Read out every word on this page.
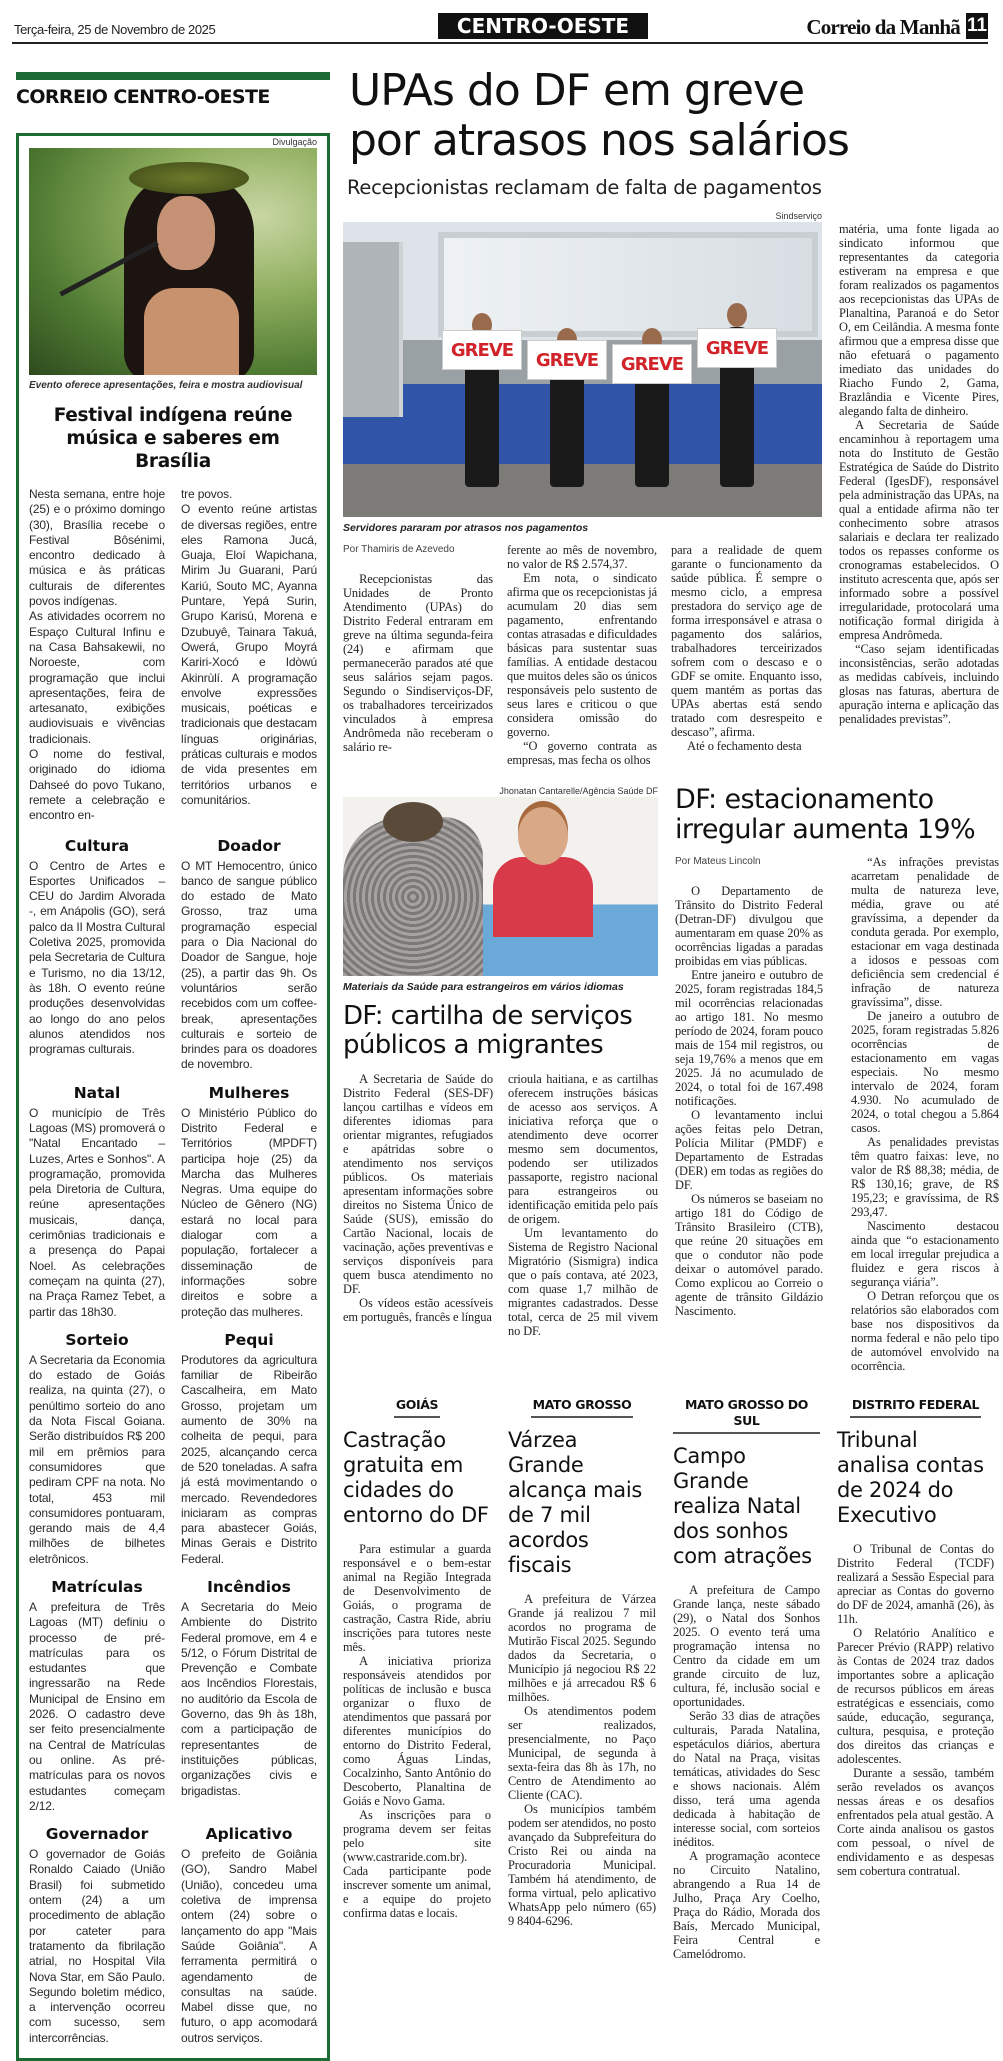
Terça-feira, 25 de Novembro de 2025	CENTRO-OESTE	Correio da Manhã 11
CORREIO CENTRO-OESTE
Divulgação
Evento oferece apresentações, feira e mostra audiovisual
Festival indígena reúne música e saberes em Brasília

Nesta semana, entre hoje (25) e o próximo domingo (30), Brasília recebe o Festival Bôsénimi, encontro dedicado à música e às práticas culturais de diferentes povos indígenas.

As atividades ocorrem no Espaço Cultural Infinu e na Casa Bahsakewii, no Noroeste, com programação que inclui apresentações, feira de artesanato, exibições audiovisuais e vivências tradicionais.

O nome do festival, originado do idioma Dahseé do povo Tukano, remete a celebração e encontro en-

tre povos.

O evento reúne artistas de diversas regiões, entre eles Ramona Jucá, Guaja, Eloí Wapichana, Mirim Ju Guarani, Parú Kariú, Souto MC, Ayanna Puntare, Yepá Surin, Grupo Karisú, Morena e Dzubuyê, Tainara Takuá, Owerá, Grupo Moyrá Kariri-Xocó e Idòwú Akinrùlí. A programação envolve expressões musicais, poéticas e tradicionais que destacam línguas originárias, práticas culturais e modos de vida presentes em territórios urbanos e comunitários.

Cultura

O Centro de Artes e Esportes Unificados – CEU do Jardim Alvorada -, em Anápolis (GO), será palco da II Mostra Cultural Coletiva 2025, promovida pela Secretaria de Cultura e Turismo, no dia 13/12, às 18h. O evento reúne produções desenvolvidas ao longo do ano pelos alunos atendidos nos programas culturais.

Doador

O MT Hemocentro, único banco de sangue público do estado de Mato Grosso, traz uma programação especial para o Dia Nacional do Doador de Sangue, hoje (25), a partir das 9h. Os voluntários serão recebidos com um coffee-break, apresentações culturais e sorteio de brindes para os doadores de novembro.

Natal

O município de Três Lagoas (MS) promoverá o "Natal Encantado – Luzes, Artes e Sonhos". A programação, promovida pela Diretoria de Cultura, reúne apresentações musicais, dança, cerimônias tradicionais e a presença do Papai Noel. As celebrações começam na quinta (27), na Praça Ramez Tebet, a partir das 18h30.

Mulheres

O Ministério Público do Distrito Federal e Territórios (MPDFT) participa hoje (25) da Marcha das Mulheres Negras. Uma equipe do Núcleo de Gênero (NG) estará no local para dialogar com a população, fortalecer a disseminação de informações sobre direitos e sobre a proteção das mulheres.

Sorteio

A Secretaria da Economia do estado de Goiás realiza, na quinta (27), o penúltimo sorteio do ano da Nota Fiscal Goiana. Serão distribuídos R$ 200 mil em prêmios para consumidores que pediram CPF na nota. No total, 453 mil consumidores pontuaram, gerando mais de 4,4 milhões de bilhetes eletrônicos.

Pequi

Produtores da agricultura familiar de Ribeirão Cascalheira, em Mato Grosso, projetam um aumento de 30% na colheita de pequi, para 2025, alcançando cerca de 520 toneladas. A safra já está movimentando o mercado. Revendedores iniciaram as compras para abastecer Goiás, Minas Gerais e Distrito Federal.

Matrículas

A prefeitura de Três Lagoas (MT) definiu o processo de pré-matrículas para os estudantes que ingressarão na Rede Municipal de Ensino em 2026. O cadastro deve ser feito presencialmente na Central de Matrículas ou online. As pré-matrículas para os novos estudantes começam 2/12.

Incêndios

A Secretaria do Meio Ambiente do Distrito Federal promove, em 4 e 5/12, o Fórum Distrital de Prevenção e Combate aos Incêndios Florestais, no auditório da Escola de Governo, das 9h às 18h, com a participação de representantes de instituições públicas, organizações civis e brigadistas.

Governador

O governador de Goiás Ronaldo Caiado (União Brasil) foi submetido ontem (24) a um procedimento de ablação por cateter para tratamento da fibrilação atrial, no Hospital Vila Nova Star, em São Paulo. Segundo boletim médico, a intervenção ocorreu com sucesso, sem intercorrências.

Aplicativo

O prefeito de Goiânia (GO), Sandro Mabel (União), concedeu uma coletiva de imprensa ontem (24) sobre o lançamento do app "Mais Saúde Goiânia". A ferramenta permitirá o agendamento de consultas na saúde. Mabel disse que, no futuro, o app acomodará outros serviços.

UPAs do DF em greve
por atrasos nos salários
Recepcionistas reclamam de falta de pagamentos
Sindserviço
GREVE	GREVE	GREVE
GREVE
Servidores pararam por atrasos nos pagamentos
Por Thamiris de Azevedo

Recepcionistas das Unidades de Pronto Atendimento (UPAs) do Distrito Federal entraram em greve na última segunda-feira (24) e afirmam que permanecerão parados até que seus salários sejam pagos. Segundo o Sindiserviços-DF, os trabalhadores terceirizados vinculados à empresa Andrômeda não receberam o salário re-

ferente ao mês de novembro, no valor de R$ 2.574,37.

Em nota, o sindicato afirma que os recepcionistas já acumulam 20 dias sem pagamento, enfrentando contas atrasadas e dificuldades básicas para sustentar suas famílias. A entidade destacou que muitos deles são os únicos responsáveis pelo sustento de seus lares e criticou o que considera omissão do governo.

“O governo contrata as empresas, mas fecha os olhos

para a realidade de quem garante o funcionamento da saúde pública. É sempre o mesmo ciclo, a empresa prestadora do serviço age de forma irresponsável e atrasa o pagamento dos salários, trabalhadores terceirizados sofrem com o descaso e o GDF se omite. Enquanto isso, quem mantém as portas das UPAs abertas está sendo tratado com desrespeito e descaso”, afirma.

Até o fechamento desta

matéria, uma fonte ligada ao sindicato informou que representantes da categoria estiveram na empresa e que foram realizados os pagamentos aos recepcionistas das UPAs de Planaltina, Paranoá e do Setor O, em Ceilândia. A mesma fonte afirmou que a empresa disse que não efetuará o pagamento imediato das unidades do Riacho Fundo 2, Gama, Brazlândia e Vicente Pires, alegando falta de dinheiro.

A Secretaria de Saúde encaminhou à reportagem uma nota do Instituto de Gestão Estratégica de Saúde do Distrito Federal (IgesDF), responsável pela administração das UPAs, na qual a entidade afirma não ter conhecimento sobre atrasos salariais e declara ter realizado todos os repasses conforme os cronogramas estabelecidos. O instituto acrescenta que, após ser informado sobre a possível irregularidade, protocolará uma notificação formal dirigida à empresa Andrômeda.

“Caso sejam identificadas inconsistências, serão adotadas as medidas cabíveis, incluindo glosas nas faturas, abertura de apuração interna e aplicação das penalidades previstas”.

Jhonatan Cantarelle/Agência Saúde DF
Materiais da Saúde para estrangeiros em vários idiomas
DF: cartilha de serviços públicos a migrantes

A Secretaria de Saúde do Distrito Federal (SES-DF) lançou cartilhas e vídeos em diferentes idiomas para orientar migrantes, refugiados e apátridas sobre o atendimento nos serviços públicos. Os materiais apresentam informações sobre direitos no Sistema Único de Saúde (SUS), emissão do Cartão Nacional, locais de vacinação, ações preventivas e serviços disponíveis para quem busca atendimento no DF.

Os vídeos estão acessíveis em português, francês e língua

crioula haitiana, e as cartilhas oferecem instruções básicas de acesso aos serviços. A iniciativa reforça que o atendimento deve ocorrer mesmo sem documentos, podendo ser utilizados passaporte, registro nacional para estrangeiros ou identificação emitida pelo país de origem.

Um levantamento do Sistema de Registro Nacional Migratório (Sismigra) indica que o país contava, até 2023, com quase 1,7 milhão de migrantes cadastrados. Desse total, cerca de 25 mil vivem no DF.

DF: estacionamento irregular aumenta 19%
Por Mateus Lincoln

O Departamento de Trânsito do Distrito Federal (Detran-DF) divulgou que aumentaram em quase 20% as ocorrências ligadas a paradas proibidas em vias públicas.

Entre janeiro e outubro de 2025, foram registradas 184,5 mil ocorrências relacionadas ao artigo 181. No mesmo período de 2024, foram pouco mais de 154 mil registros, ou seja 19,76% a menos que em 2025. Já no acumulado de 2024, o total foi de 167.498 notificações.

O levantamento inclui ações feitas pelo Detran, Polícia Militar (PMDF) e Departamento de Estradas (DER) em todas as regiões do DF.

Os números se baseiam no artigo 181 do Código de Trânsito Brasileiro (CTB), que reúne 20 situações em que o condutor não pode deixar o automóvel parado. Como explicou ao Correio o agente de trânsito Gildázio Nascimento.

“As infrações previstas acarretam penalidade de multa de natureza leve, média, grave ou até gravíssima, a depender da conduta gerada. Por exemplo, estacionar em vaga destinada a idosos e pessoas com deficiência sem credencial é infração de natureza gravíssima”, disse.

De janeiro a outubro de 2025, foram registradas 5.826 ocorrências de estacionamento em vagas especiais. No mesmo intervalo de 2024, foram 4.930. No acumulado de 2024, o total chegou a 5.864 casos.

As penalidades previstas têm quatro faixas: leve, no valor de R$ 88,38; média, de R$ 130,16; grave, de R$ 195,23; e gravíssima, de R$ 293,47.

Nascimento destacou ainda que “o estacionamento em local irregular prejudica a fluidez e gera riscos à segurança viária”.

O Detran reforçou que os relatórios são elaborados com base nos dispositivos da norma federal e não pelo tipo de automóvel envolvido na ocorrência.

GOIÁS
Castração gratuita em cidades do entorno do DF

Para estimular a guarda responsável e o bem-estar animal na Região Integrada de Desenvolvimento de Goiás, o programa de castração, Castra Ride, abriu inscrições para tutores neste mês.

A iniciativa prioriza responsáveis atendidos por políticas de inclusão e busca organizar o fluxo de atendimentos que passará por diferentes municípios do entorno do Distrito Federal, como Águas Lindas, Cocalzinho, Santo Antônio do Descoberto, Planaltina de Goiás e Novo Gama.

As inscrições para o programa devem ser feitas pelo site (www.castraride.com.br). Cada participante pode inscrever somente um animal, e a equipe do projeto confirma datas e locais.

MATO GROSSO
Várzea Grande alcança mais de 7 mil acordos fiscais

A prefeitura de Várzea Grande já realizou 7 mil acordos no programa de Mutirão Fiscal 2025. Segundo dados da Secretaria, o Município já negociou R$ 22 milhões e já arrecadou R$ 6 milhões.

Os atendimentos podem ser realizados, presencialmente, no Paço Municipal, de segunda à sexta-feira das 8h às 17h, no Centro de Atendimento ao Cliente (CAC).

Os municípios também podem ser atendidos, no posto avançado da Subprefeitura do Cristo Rei ou ainda na Procuradoria Municipal. Também há atendimento, de forma virtual, pelo aplicativo WhatsApp pelo número (65) 9 8404-6296.

MATO GROSSO DO SUL
Campo Grande realiza Natal dos sonhos com atrações

A prefeitura de Campo Grande lança, neste sábado (29), o Natal dos Sonhos 2025. O evento terá uma programação intensa no Centro da cidade em um grande circuito de luz, cultura, fé, inclusão social e oportunidades.

Serão 33 dias de atrações culturais, Parada Natalina, espetáculos diários, abertura do Natal na Praça, visitas temáticas, atividades do Sesc e shows nacionais. Além disso, terá uma agenda dedicada à habitação de interesse social, com sorteios inéditos.

A programação acontece no Circuito Natalino, abrangendo a Rua 14 de Julho, Praça Ary Coelho, Praça do Rádio, Morada dos Baís, Mercado Municipal, Feira Central e Camelódromo.

DISTRITO FEDERAL
Tribunal analisa contas de 2024 do Executivo

O Tribunal de Contas do Distrito Federal (TCDF) realizará a Sessão Especial para apreciar as Contas do governo do DF de 2024, amanhã (26), às 11h.

O Relatório Analítico e Parecer Prévio (RAPP) relativo às Contas de 2024 traz dados importantes sobre a aplicação de recursos públicos em áreas estratégicas e essenciais, como saúde, educação, segurança, cultura, pesquisa, e proteção dos direitos das crianças e adolescentes.

Durante a sessão, também serão revelados os avanços nessas áreas e os desafios enfrentados pela atual gestão. A Corte ainda analisou os gastos com pessoal, o nível de endividamento e as despesas sem cobertura contratual.
